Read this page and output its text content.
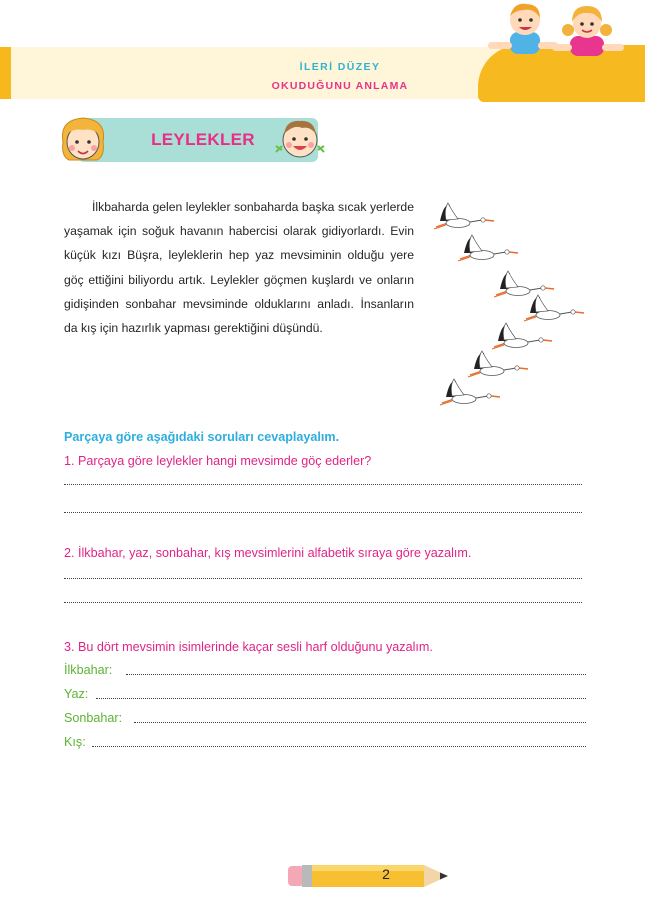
İLERİ DÜZEY
OKUDUĞUNU ANLAMA
LEYLEKLER

İlkbaharda gelen leylekler sonbaharda başka sıcak yerlerde yaşamak için soğuk havanın habercisi olarak gidiyorlardı. Evin küçük kızı Büşra, leyleklerin hep yaz mevsiminin olduğu yere göç ettiğini biliyordu artık. Leylekler göçmen kuşlardı ve onların gidişinden sonbahar mevsiminde olduklarını anladı. İnsanların da kış için hazırlık yapması gerektiğini düşündü.

Parçaya göre aşağıdaki soruları cevaplayalım.
1. Parçaya göre leylekler hangi mevsimde göç ederler?
2. İlkbahar, yaz, sonbahar, kış mevsimlerini alfabetik sıraya göre yazalım.
3. Bu dört mevsimin isimlerinde kaçar sesli harf olduğunu yazalım.
İlkbahar:
Yaz:
Sonbahar:
Kış:
2
